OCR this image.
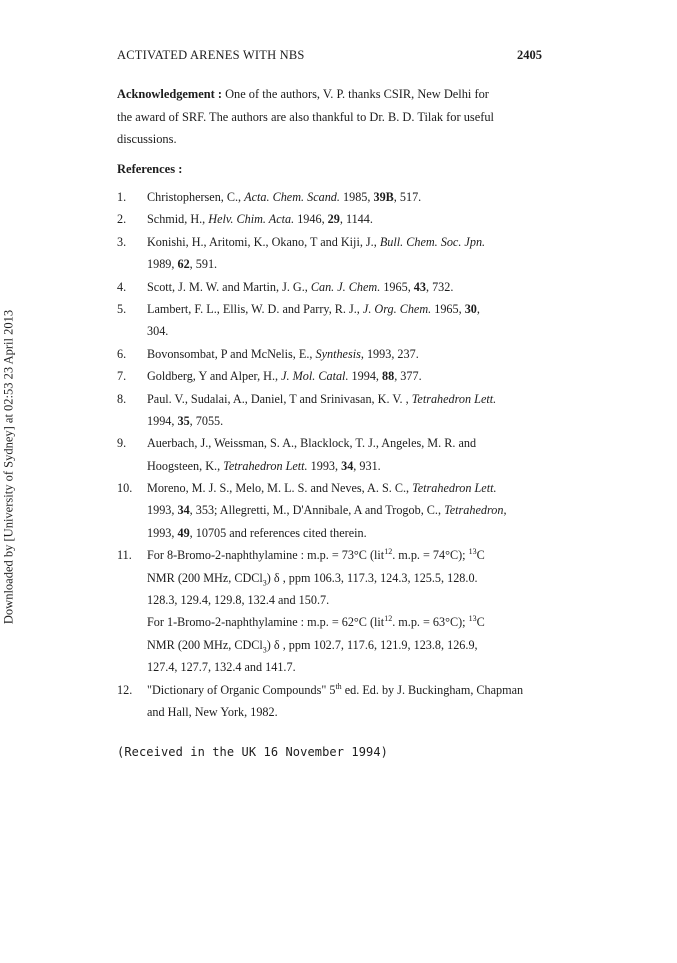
Downloaded by [University of Sydney] at 02:53 23 April 2013
ACTIVATED ARENES WITH NBS	2405
Acknowledgement : One of the authors, V. P. thanks CSIR, New Delhi for
the award of SRF. The authors are also thankful to Dr. B. D. Tilak for useful
discussions.
References :
1. Christophersen, C., Acta. Chem. Scand. 1985, 39B, 517.
2. Schmid, H., Helv. Chim. Acta. 1946, 29, 1144.
3. Konishi, H., Aritomi, K., Okano, T and Kiji, J., Bull. Chem. Soc. Jpn.
1989, 62, 591.
4. Scott, J. M. W. and Martin, J. G., Can. J. Chem. 1965, 43, 732.
5. Lambert, F. L., Ellis, W. D. and Parry, R. J., J. Org. Chem. 1965, 30,
304.
6. Bovonsombat, P and McNelis, E., Synthesis, 1993, 237.
7. Goldberg, Y and Alper, H., J. Mol. Catal. 1994, 88, 377.
8. Paul. V., Sudalai, A., Daniel, T and Srinivasan, K. V. , Tetrahedron Lett.
1994, 35, 7055.
9. Auerbach, J., Weissman, S. A., Blacklock, T. J., Angeles, M. R. and
Hoogsteen, K., Tetrahedron Lett. 1993, 34, 931.
10. Moreno, M. J. S., Melo, M. L. S. and Neves, A. S. C., Tetrahedron Lett.
1993, 34, 353; Allegretti, M., D'Annibale, A and Trogob, C., Tetrahedron,
1993, 49, 10705 and references cited therein.
11. For 8-Bromo-2-naphthylamine : m.p. = 73°C (lit$^{12}$. m.p. = 74°C); $^{13}$C
NMR (200 MHz, CDCl$_3$) δ , ppm 106.3, 117.3, 124.3, 125.5, 128.0.
128.3, 129.4, 129.8, 132.4 and 150.7.
For 1-Bromo-2-naphthylamine : m.p. = 62°C (lit$^{12}$. m.p. = 63°C); $^{13}$C
NMR (200 MHz, CDCl$_3$) δ , ppm 102.7, 117.6, 121.9, 123.8, 126.9,
127.4, 127.7, 132.4 and 141.7.
12. "Dictionary of Organic Compounds" 5th ed. Ed. by J. Buckingham, Chapman
and Hall, New York, 1982.
(Received in the UK 16 November 1994)
